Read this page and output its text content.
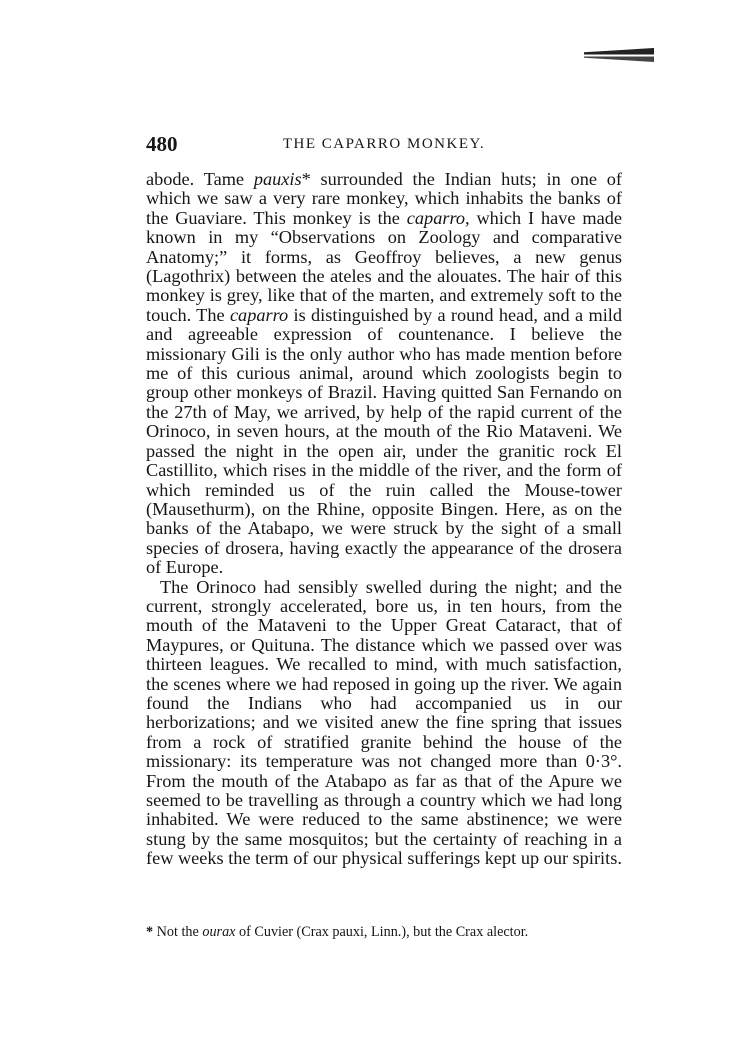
480	THE CAPARRO MONKEY.

abode. Tame pauxis* surrounded the Indian huts; in one of which we saw a very rare monkey, which inhabits the banks of the Guaviare. This monkey is the caparro, which I have made known in my “Observations on Zoology and comparative Anatomy;” it forms, as Geoffroy believes, a new genus (Lagothrix) between the ateles and the alouates. The hair of this monkey is grey, like that of the marten, and extremely soft to the touch. The caparro is distinguished by a round head, and a mild and agreeable expression of countenance. I believe the missionary Gili is the only author who has made mention before me of this curious animal, around which zoologists begin to group other monkeys of Brazil. Having quitted San Fernando on the 27th of May, we arrived, by help of the rapid current of the Orinoco, in seven hours, at the mouth of the Rio Mataveni. We passed the night in the open air, under the granitic rock El Castillito, which rises in the middle of the river, and the form of which reminded us of the ruin called the Mouse-tower (Mausethurm), on the Rhine, opposite Bingen. Here, as on the banks of the Atabapo, we were struck by the sight of a small species of drosera, having exactly the appearance of the drosera of Europe.

The Orinoco had sensibly swelled during the night; and the current, strongly accelerated, bore us, in ten hours, from the mouth of the Mataveni to the Upper Great Cataract, that of Maypures, or Quituna. The distance which we passed over was thirteen leagues. We recalled to mind, with much satisfaction, the scenes where we had reposed in going up the river. We again found the Indians who had accompanied us in our herborizations; and we visited anew the fine spring that issues from a rock of stratified granite behind the house of the missionary: its temperature was not changed more than 0·3°. From the mouth of the Atabapo as far as that of the Apure we seemed to be travelling as through a country which we had long inhabited. We were reduced to the same abstinence; we were stung by the same mosquitos; but the certainty of reaching in a few weeks the term of our physical sufferings kept up our spirits.

* Not the ourax of Cuvier (Crax pauxi, Linn.), but the Crax alector.
